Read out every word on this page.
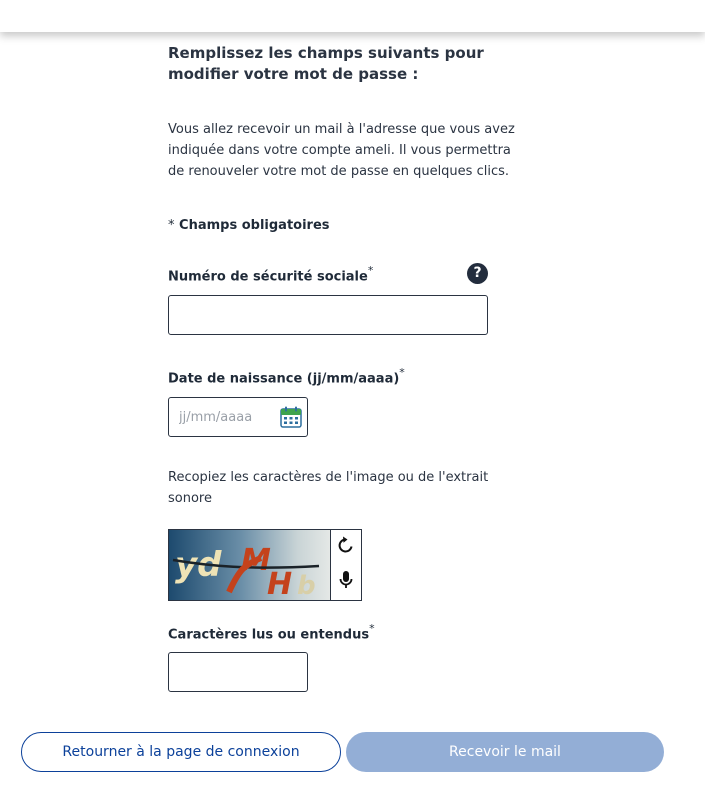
Remplissez les champs suivants pour modifier votre mot de passe :
Vous allez recevoir un mail à l'adresse que vous avez indiquée dans votre compte ameli. Il vous permettra de renouveler votre mot de passe en quelques clics.
* Champs obligatoires
Numéro de sécurité sociale*	?
Date de naissance (jj/mm/aaaa)*
jj/mm/aaaa
Recopiez les caractères de l'image ou de l'extrait sonore
yd M
H b
Caractères lus ou entendus*
Retourner à la page de connexion	Recevoir le mail
